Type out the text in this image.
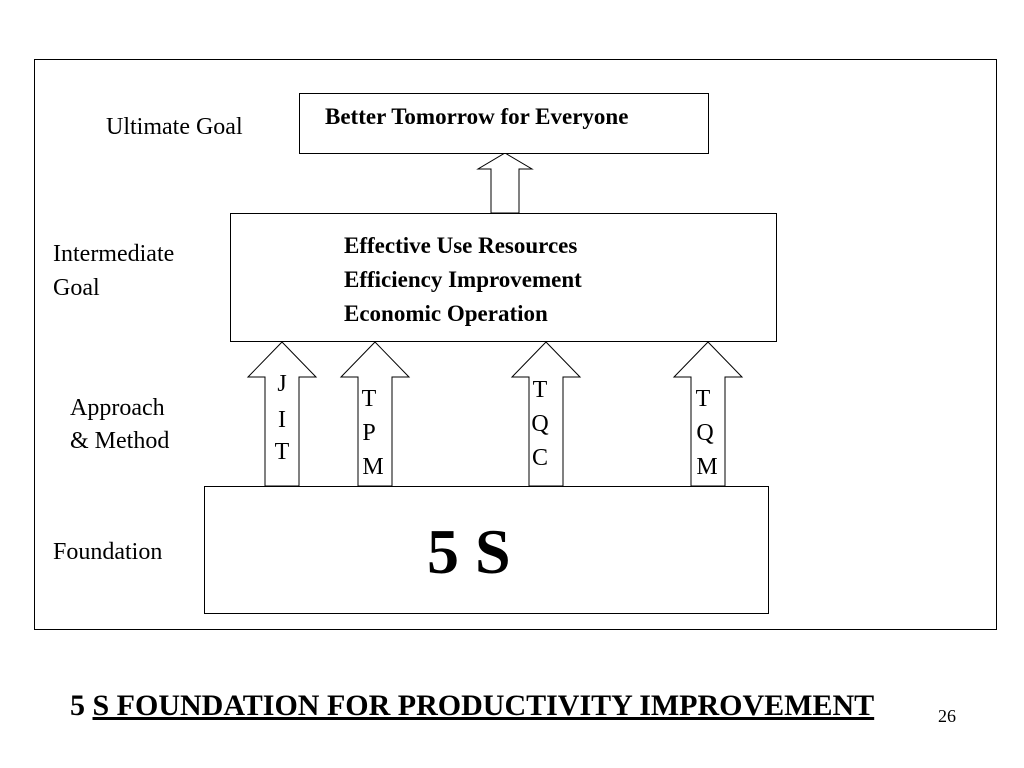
Ultimate Goal
Intermediate
Goal
Approach
& Method
Foundation
Better Tomorrow for Everyone
Effective Use Resources
Efficiency Improvement
Economic Operation
5 S
J
I
T
T
P
M
T
Q
C
T
Q
M
5 S FOUNDATION FOR PRODUCTIVITY IMPROVEMENT	26
